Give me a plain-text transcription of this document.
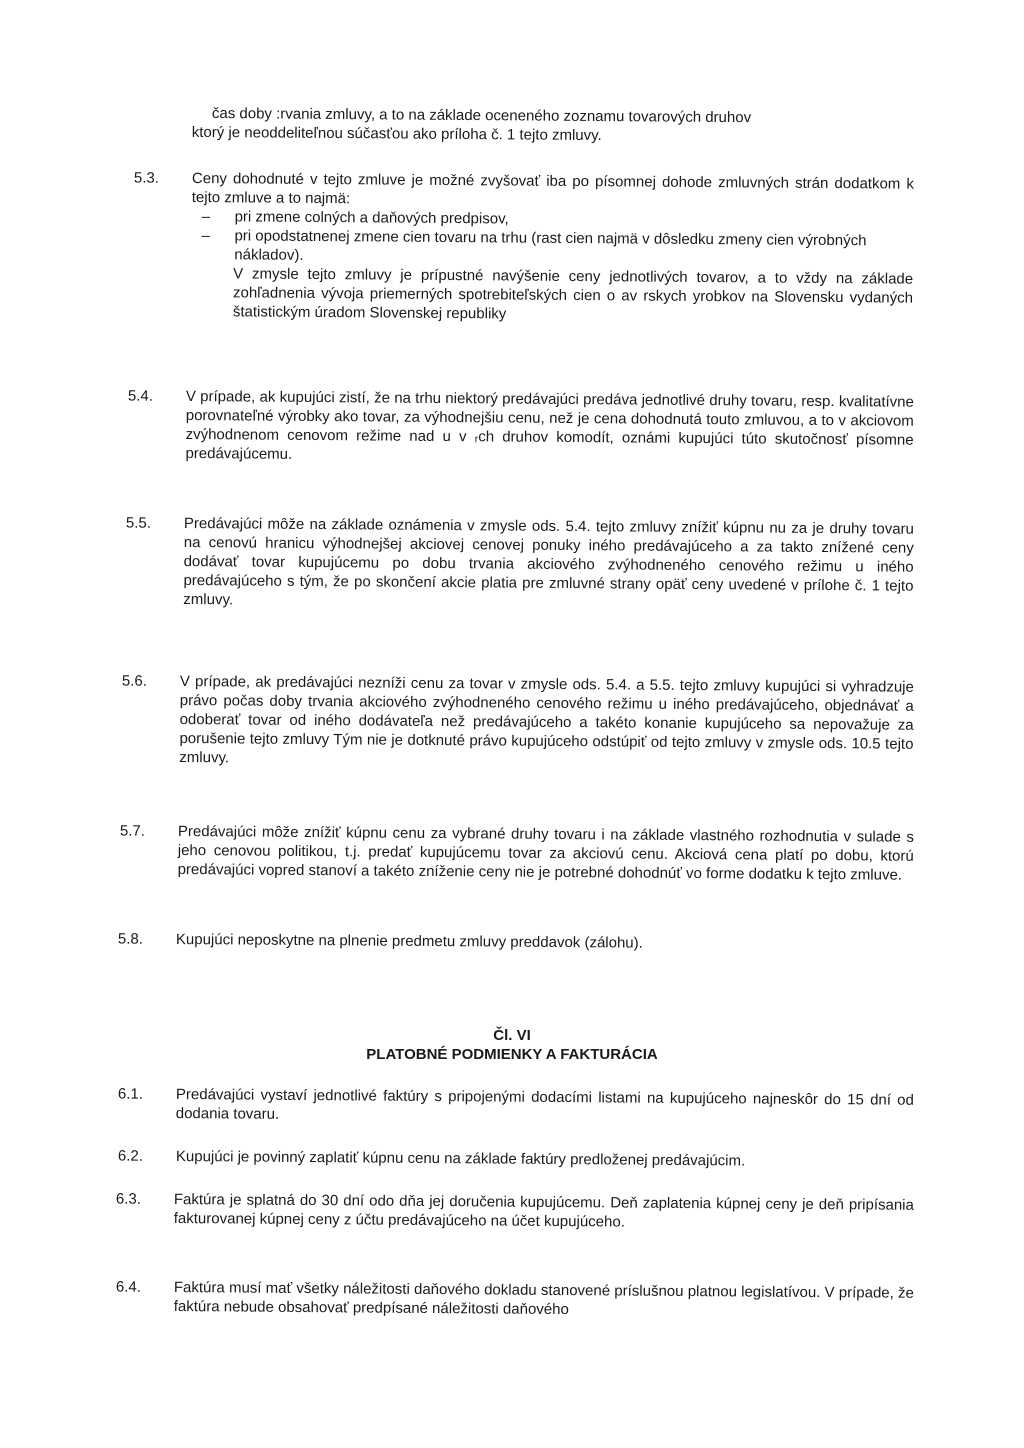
čas doby :rvania zmluvy, a to na základe oceneného zoznamu tovarových druhov
ktorý je neoddeliteľnou súčasťou ako príloha č. 1 tejto zmluvy.
5.3.	Ceny dohodnuté v tejto zmluve je možné zvyšovať iba po písomnej dohode zmluvných strán dodatkom k tejto zmluve a to najmä:

– pri zmene colných a daňových predpisov,
– pri opodstatnenej zmene cien tovaru na trhu (rast cien najmä v dôsledku zmeny cien výrobných nákladov).

V zmysle tejto zmluvy je prípustné navýšenie ceny jednotlivých tovarov, a to vždy na základe zohľadnenia vývoja priemerných spotrebiteľských cien o av rskych yrobkov na Slovensku vydaných štatistickým úradom Slovenskej republiky

5.4.	V prípade, ak kupujúci zistí, že na trhu niektorý predávajúci predáva jednotlivé druhy tovaru, resp. kvalitatívne porovnateľné výrobky ako tovar, za výhodnejšiu cenu, než je cena dohodnutá touto zmluvou, a to v akciovom zvýhodnenom cenovom režime nad u v ᵣch druhov komodít, oznámi kupujúci túto skutočnosť písomne predávajúcemu.

5.5.	Predávajúci môže na základe oznámenia v zmysle ods. 5.4. tejto zmluvy znížiť kúpnu nu za je druhy tovaru na cenovú hranicu výhodnejšej akciovej cenovej ponuky iného predávajúceho a za takto znížené ceny dodávať tovar kupujúcemu po dobu trvania akciového zvýhodneného cenového režimu u iného predávajúceho s tým, že po skončení akcie platia pre zmluvné strany opäť ceny uvedené v prílohe č. 1 tejto zmluvy.

5.6.	V prípade, ak predávajúci nezníži cenu za tovar v zmysle ods. 5.4. a 5.5. tejto zmluvy kupujúci si vyhradzuje právo počas doby trvania akciového zvýhodneného cenového režimu u iného predávajúceho, objednávať a odoberať tovar od iného dodávateľa než predávajúceho a takéto konanie kupujúceho sa nepovažuje za porušenie tejto zmluvy Tým nie je dotknuté právo kupujúceho odstúpiť od tejto zmluvy v zmysle ods. 10.5 tejto zmluvy.

5.7.	Predávajúci môže znížiť kúpnu cenu za vybrané druhy tovaru i na základe vlastného rozhodnutia v sulade s jeho cenovou politikou, t.j. predať kupujúcemu tovar za akciovú cenu. Akciová cena platí po dobu, ktorú predávajúci vopred stanoví a takéto zníženie ceny nie je potrebné dohodnúť vo forme dodatku k tejto zmluve.

5.8.	Kupujúci neposkytne na plnenie predmetu zmluvy preddavok (zálohu).

Čl. VI
PLATOBNÉ PODMIENKY A FAKTURÁCIA
6.1.	Predávajúci vystaví jednotlivé faktúry s pripojenými dodacími listami na kupujúceho najneskôr do 15 dní od dodania tovaru.

6.2.	Kupujúci je povinný zaplatiť kúpnu cenu na základe faktúry predloženej predávajúcim.

6.3.	Faktúra je splatná do 30 dní odo dňa jej doručenia kupujúcemu. Deň zaplatenia kúpnej ceny je deň pripísania fakturovanej kúpnej ceny z účtu predávajúceho na účet kupujúceho.

6.4.	Faktúra musí mať všetky náležitosti daňového dokladu stanovené príslušnou platnou legislatívou. V prípade, že faktúra nebude obsahovať predpísané náležitosti daňového
